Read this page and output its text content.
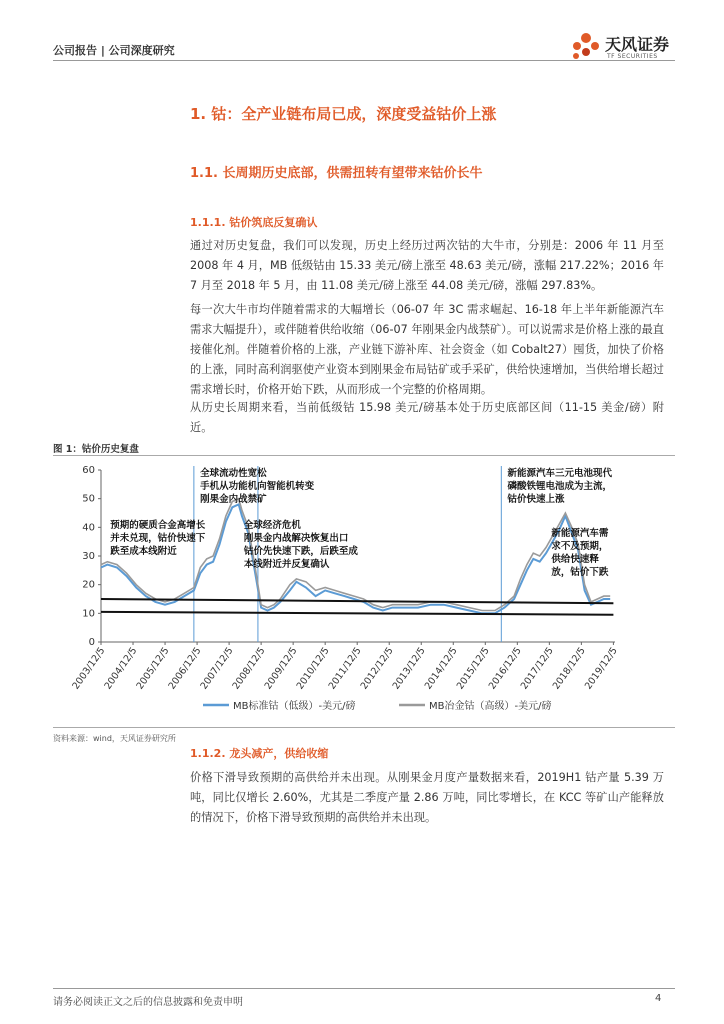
公司报告 | 公司深度研究	天风证券
TF SECURITIES
1. 钴：全产业链布局已成，深度受益钴价上涨
1.1. 长周期历史底部，供需扭转有望带来钴价长牛
1.1.1. 钴价筑底反复确认
通过对历史复盘，我们可以发现，历史上经历过两次钴的大牛市，分别是：2006 年 11 月至 2008 年 4 月，MB 低级钴由 15.33 美元/磅上涨至 48.63 美元/磅，涨幅 217.22%；2016 年 7 月至 2018 年 5 月，由 11.08 美元/磅上涨至 44.08 美元/磅，涨幅 297.83%。
每一次大牛市均伴随着需求的大幅增长（06-07 年 3C 需求崛起、16-18 年上半年新能源汽车需求大幅提升），或伴随着供给收缩（06-07 年刚果金内战禁矿）。可以说需求是价格上涨的最直接催化剂。伴随着价格的上涨，产业链下游补库、社会资金（如 Cobalt27）囤货，加快了价格的上涨，同时高利润驱使产业资本到刚果金布局钴矿或手采矿，供给快速增加，当供给增长超过需求增长时，价格开始下跌，从而形成一个完整的价格周期。
从历史长周期来看，当前低级钴 15.98 美元/磅基本处于历史底部区间（11-15 美金/磅）附近。
图 1：钴价历史复盘
0
10
20
30
40
50
60
2003/12/5
2004/12/5
2005/12/5
2006/12/5
2007/12/5
2008/12/5
2009/12/5
2010/12/5
2011/12/5
2012/12/5
2013/12/5
2014/12/5
2015/12/5
2016/12/5
2017/12/5
2018/12/5
2019/12/5
全球流动性宽松
手机从功能机向智能机转变
刚果金内战禁矿
预期的硬质合金高增长
并未兑现，钴价快速下
跌至成本线附近
全球经济危机
刚果金内战解决恢复出口
钴价先快速下跌，后跌至成
本线附近并反复确认
新能源汽车三元电池现代
磷酸铁锂电池成为主流，
钴价快速上涨
新能源汽车需
求不及预期，
供给快速释
放，钴价下跌
MB标准钴（低级）-美元/磅	MB冶金钴（高级）-美元/磅
资料来源：wind，天风证券研究所
1.1.2. 龙头减产，供给收缩
价格下滑导致预期的高供给并未出现。从刚果金月度产量数据来看，2019H1 钴产量 5.39 万吨，同比仅增长 2.60%，尤其是二季度产量 2.86 万吨，同比零增长，在 KCC 等矿山产能释放的情况下，价格下滑导致预期的高供给并未出现。
请务必阅读正文之后的信息披露和免责申明	4
